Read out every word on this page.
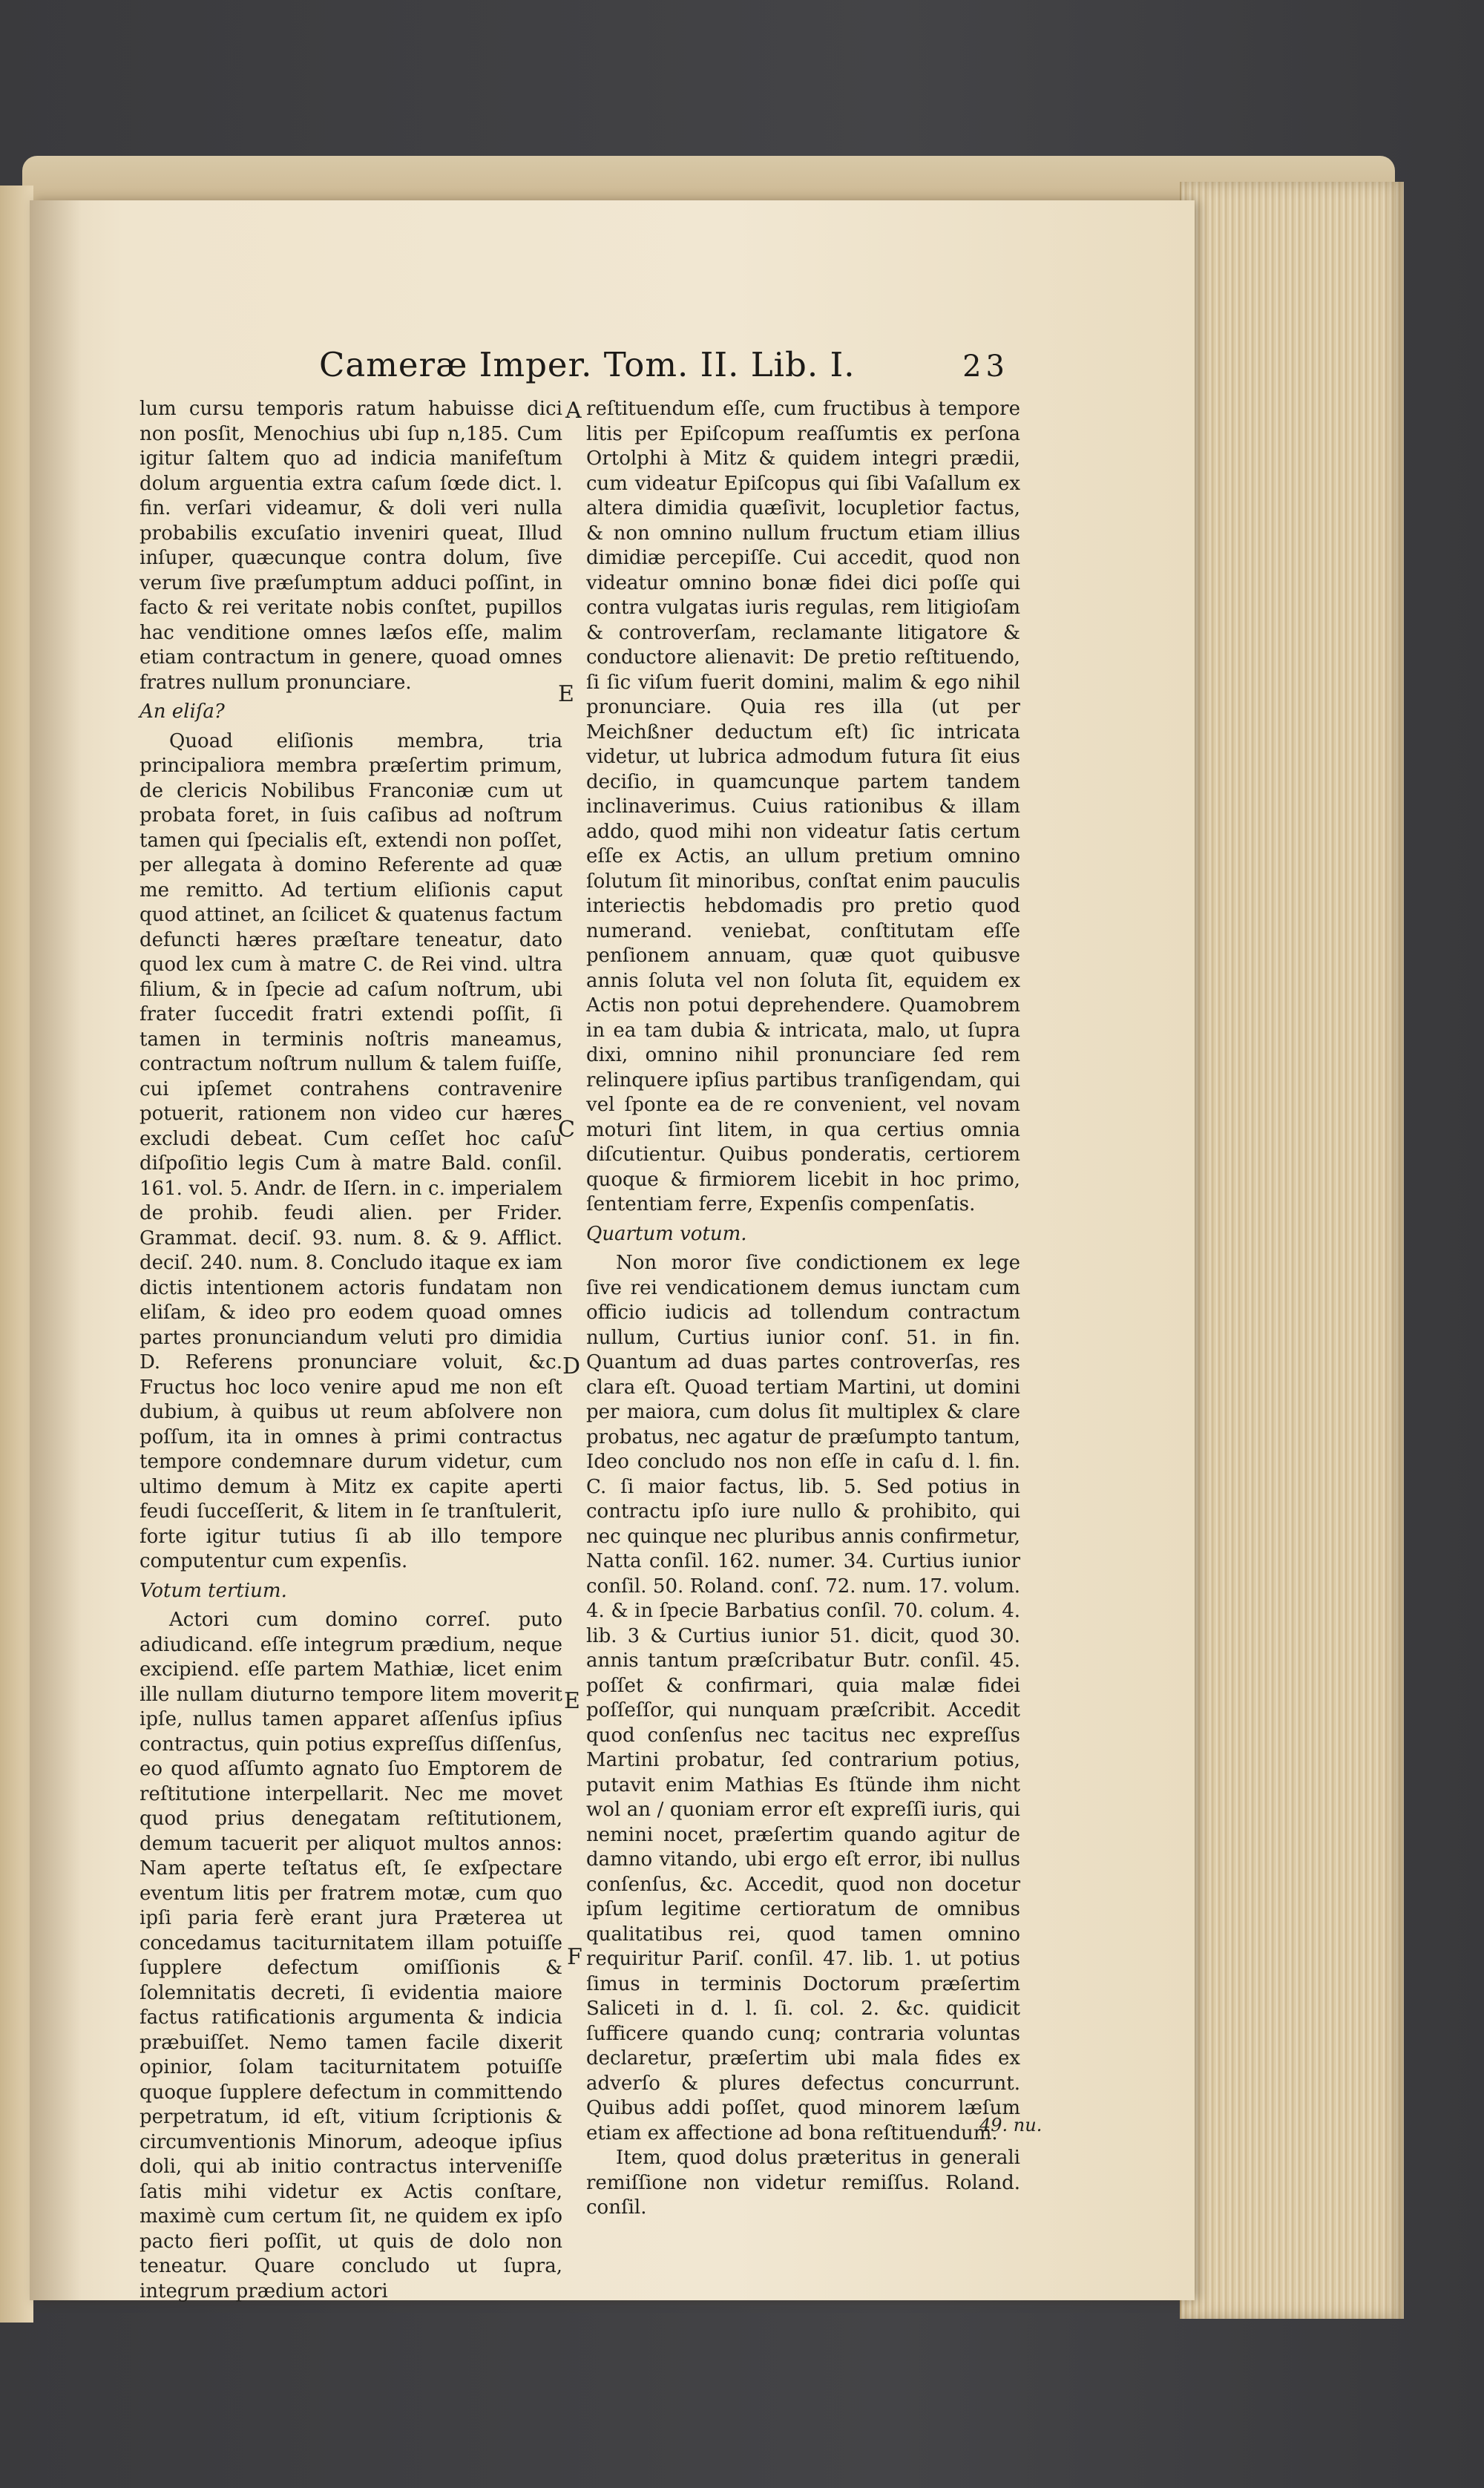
Cameræ Imper. Tom. II. Lib. I.	23

lum cursu temporis ratum habuisse dici non posſit, Menochius ubi ſup n,185. Cum igitur ſaltem quo ad indicia manifeſtum dolum arguentia extra caſum ſœde dict. l. fin. verſari videamur, & doli veri nulla probabilis excuſatio inveniri queat, Illud inſuper, quæcunque contra dolum, ſive verum ſive præſumptum adduci poſſint, in facto & rei veritate nobis conſtet, pupillos hac venditione omnes læſos eſſe, malim etiam contractum in genere, quoad omnes fratres nullum pronunciare.

An eliſa?

Quoad eliſionis membra, tria principaliora membra præſertim primum, de clericis Nobilibus Franconiæ cum ut probata foret, in ſuis caſibus ad noſtrum tamen qui ſpecialis eſt, extendi non poſſet, per allegata à domino Referente ad quæ me remitto. Ad tertium eliſionis caput quod attinet, an ſcilicet & quatenus factum defuncti hæres præſtare teneatur, dato quod lex cum à matre C. de Rei vind. ultra filium, & in ſpecie ad caſum noſtrum, ubi frater ſuccedit fratri extendi poſſit, ſi tamen in terminis noſtris maneamus, contractum noſtrum nullum & talem fuiſſe, cui ipſemet contrahens contravenire potuerit, rationem non video cur hæres excludi debeat. Cum ceſſet hoc caſu diſpoſitio legis Cum à matre Bald. conſil. 161. vol. 5. Andr. de Iſern. in c. imperialem de prohib. feudi alien. per Frider. Grammat. deciſ. 93. num. 8. & 9. Afflict. deciſ. 240. num. 8. Concludo itaque ex iam dictis intentionem actoris fundatam non eliſam, & ideo pro eodem quoad omnes partes pronunciandum veluti pro dimidia D. Referens pronunciare voluit, &c. Fructus hoc loco venire apud me non eſt dubium, à quibus ut reum abſolvere non poſſum, ita in omnes à primi contractus tempore condemnare durum videtur, cum ultimo demum à Mitz ex capite aperti feudi ſucceſſerit, & litem in ſe tranſtulerit, forte igitur tutius ſi ab illo tempore computentur cum expenſis.

Votum tertium.

Actori cum domino correſ. puto adiudicand. eſſe integrum prædium, neque excipiend. eſſe partem Mathiæ, licet enim ille nullam diuturno tempore litem moverit ipſe, nullus tamen apparet aſſenſus ipſius contractus, quin potius expreſſus diſſenſus, eo quod aſſumto agnato ſuo Emptorem de reſtitutione interpellarit. Nec me movet quod prius denegatam reſtitutionem, demum tacuerit per aliquot multos annos: Nam aperte teſtatus eſt, ſe exſpectare eventum litis per fratrem motæ, cum quo ipſi paria ferè erant jura Præterea ut concedamus taciturnitatem illam potuiſſe ſupplere defectum omiſſionis & ſolemnitatis decreti, ſi evidentia maiore factus ratificationis argumenta & indicia præbuiſſet. Nemo tamen facile dixerit opinior, ſolam taciturnitatem potuiſſe quoque ſupplere defectum in committendo perpetratum, id eſt, vitium ſcriptionis & circumventionis Minorum, adeoque ipſius doli, qui ab initio contractus interveniſſe ſatis mihi videtur ex Actis conſtare, maximè cum certum ſit, ne quidem ex ipſo pacto fieri poſſit, ut quis de dolo non teneatur. Quare concludo ut ſupra, integrum prædium actori

reſtituendum eſſe, cum fructibus à tempore litis per Epiſcopum reaſſumtis ex perſona Ortolphi à Mitz & quidem integri prædii, cum videatur Epiſcopus qui ſibi Vaſallum ex altera dimidia quæſivit, locupletior factus, & non omnino nullum fructum etiam illius dimidiæ percepiſſe. Cui accedit, quod non videatur omnino bonæ fidei dici poſſe qui contra vulgatas iuris regulas, rem litigioſam & controverſam, reclamante litigatore & conductore alienavit: De pretio reſtituendo, ſi ſic viſum fuerit domini, malim & ego nihil pronunciare. Quia res illa (ut per Meichßner deductum eſt) ſic intricata videtur, ut lubrica admodum futura ſit eius deciſio, in quamcunque partem tandem inclinaverimus. Cuius rationibus & illam addo, quod mihi non videatur ſatis certum eſſe ex Actis, an ullum pretium omnino ſolutum ſit minoribus, conſtat enim pauculis interiectis hebdomadis pro pretio quod numerand. veniebat, conſtitutam eſſe penſionem annuam, quæ quot quibusve annis ſoluta vel non ſoluta ſit, equidem ex Actis non potui deprehendere. Quamobrem in ea tam dubia & intricata, malo, ut ſupra dixi, omnino nihil pronunciare ſed rem relinquere ipſius partibus tranſigendam, qui vel ſponte ea de re convenient, vel novam moturi ſint litem, in qua certius omnia diſcutientur. Quibus ponderatis, certiorem quoque & firmiorem licebit in hoc primo, ſententiam ferre, Expenſis compenſatis.

Quartum votum.

Non moror ſive condictionem ex lege ſive rei vendicationem demus iunctam cum officio iudicis ad tollendum contractum nullum, Curtius iunior conſ. 51. in fin. Quantum ad duas partes controverſas, res clara eſt. Quoad tertiam Martini, ut domini per maiora, cum dolus ſit multiplex & clare probatus, nec agatur de præſumpto tantum, Ideo concludo nos non eſſe in caſu d. l. fin. C. ſi maior factus, lib. 5. Sed potius in contractu ipſo iure nullo & prohibito, qui nec quinque nec pluribus annis confirmetur, Natta conſil. 162. numer. 34. Curtius iunior conſil. 50. Roland. conſ. 72. num. 17. volum. 4. & in ſpecie Barbatius conſil. 70. colum. 4. lib. 3 & Curtius iunior 51. dicit, quod 30. annis tantum præſcribatur Butr. conſil. 45. poſſet & confirmari, quia malæ fidei poſſeſſor, qui nunquam præſcribit. Accedit quod conſenſus nec tacitus nec expreſſus Martini probatur, ſed contrarium potius, putavit enim Mathias Es ſtünde ihm nicht wol an / quoniam error eſt expreſſi iuris, qui nemini nocet, præſertim quando agitur de damno vitando, ubi ergo eſt error, ibi nullus conſenſus, &c. Accedit, quod non docetur ipſum legitime certioratum de omnibus qualitatibus rei, quod tamen omnino requiritur Pariſ. conſil. 47. lib. 1. ut potius ſimus in terminis Doctorum præſertim Saliceti in d. l. ſi. col. 2. &c. quidicit ſufficere quando cunq; contraria voluntas declaretur, præſertim ubi mala fides ex adverſo & plures defectus concurrunt. Quibus addi poſſet, quod minorem læſum etiam ex affectione ad bona reſtituendum.

Item, quod dolus præteritus in generali remiſſione non videtur remiſſus. Roland. conſil.

A
E
C
D
E
F
49. nu.
